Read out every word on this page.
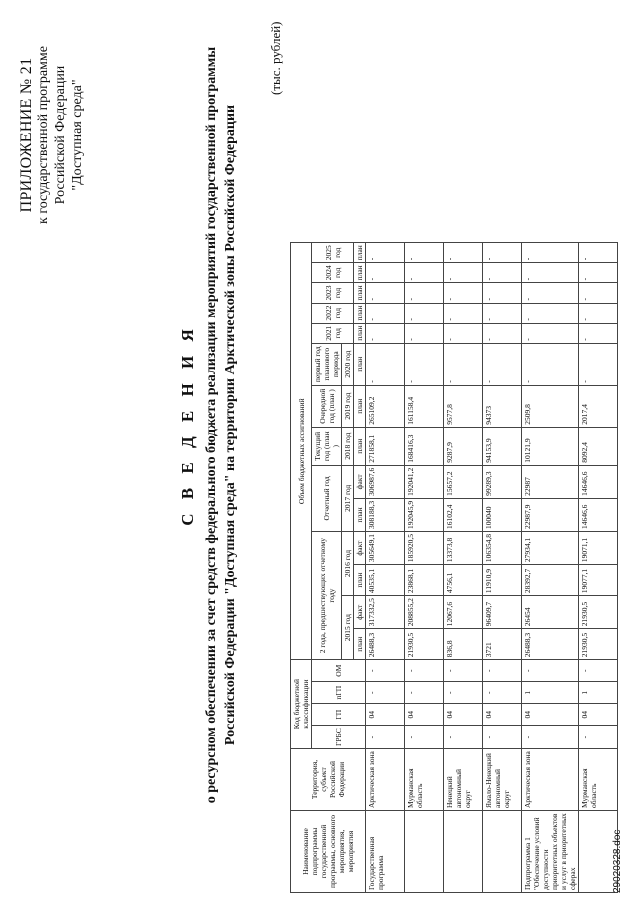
ПРИЛОЖЕНИЕ № 21 к государственной программе Российской Федерации "Доступная среда"
С В Е Д Е Н И Я о ресурсном обеспечении за счет средств федерального бюджета реализации мероприятий государственной программы Российской Федерации "Доступная среда" на территории Арктической зоны Российской Федерации
(тыс. рублей)
Наименование подпрограммы государственной программы, основного мероприятия, мероприятия	Территория, субъект Российской Федерации	Код бюджетной классификации				Объем бюджетных ассигнований													
		ГРБС	ГП	пГП	ОМ	2 года, предшествующих отчетному году				Отчетный год		Текущий год (план )	Очередной год (план )	первый год планового периода	2021 год	2022 год	2023 год	2024 год	2025 год
						2015 год		2016 год		2017 год		2018 год	2019 год	2020 год					
						план	факт	план	факт	план	факт	план	план	план	план	план	план	план	план
Государственная программа	Арктическая зона	-	04	-	-	26488,3	317332,5	40535,1	305649,1	308188,3	306987,6	271858,1	265109,2	-	-	-	-	-	-
	Мурманская область	-	04	-	-	21930,5	208855,2	23868,1	185920,5	192045,9	192041,2	168416,3	161158,4	-	-	-	-	-	-
	Ненецкий автономный округ	-	04	-	-	836,8	12067,6	4756,1	13373,8	16102,4	15657,2	9287,9	9577,8	-	-	-	-	-	-
	Ямало-Ненецкий автономный округ	-	04	-	-	3721	96409,7	11910,9	106354,8	100040	99289,3	94153,9	94373	-	-	-	-	-	-
Подпрограмма 1 "Обеспечение условий доступности приоритетных объектов и услуг в приоритетных сферах	Арктическая зона	-	04	1	-	26488,3	26454	28392,7	27934,1	22987,9	22987	10121,9	2509,8	-	-	-	-	-	-
	Мурманская область	-	04	1	-	21930,5	21930,5	19077,1	19071,1	14646,6	14646,6	8092,4	2017,4	-	-	-	-	-	-
29020328.doc
